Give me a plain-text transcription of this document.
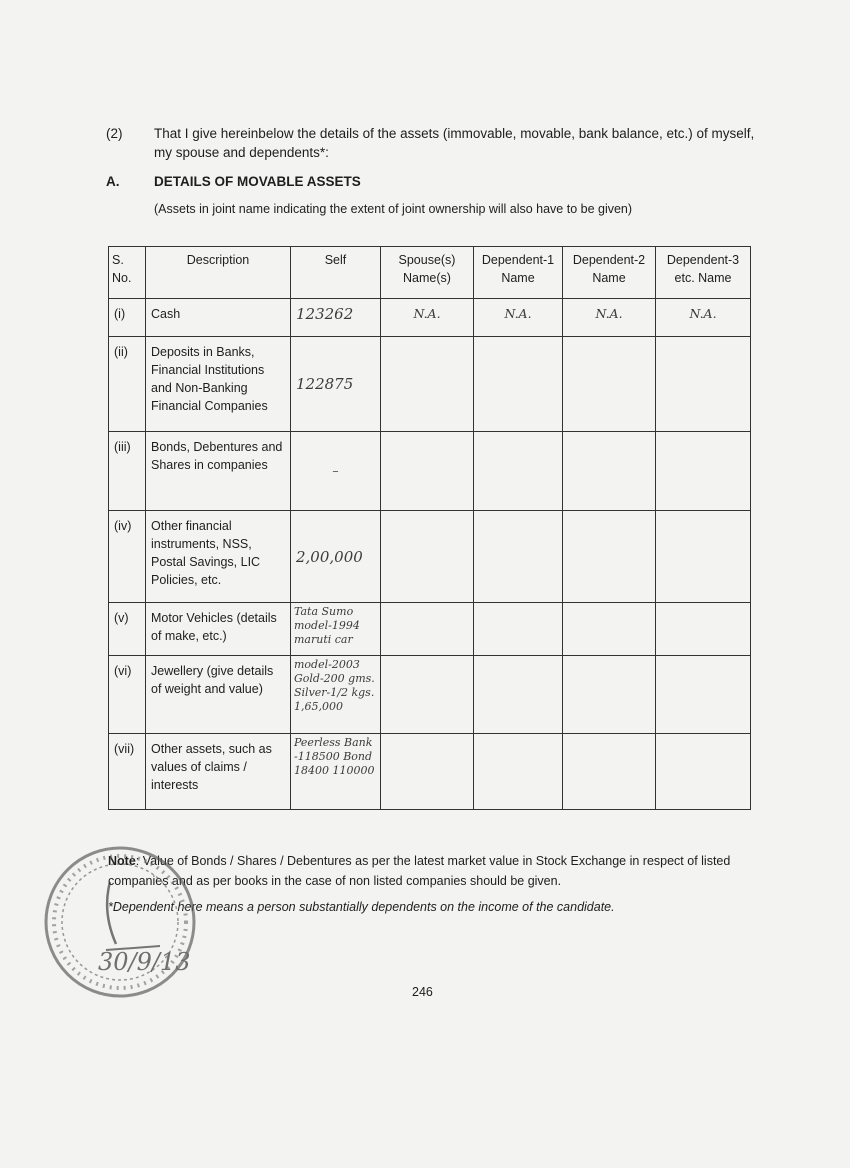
(2) That I give hereinbelow the details of the assets (immovable, movable, bank balance, etc.) of myself, my spouse and dependents*:
A.	DETAILS OF MOVABLE ASSETS
(Assets in joint name indicating the extent of joint ownership will also have to be given)
S. No.	Description	Self	Spouse(s) Name(s)	Dependent-1 Name	Dependent-2 Name	Dependent-3 etc. Name
(i)	Cash	123262	N.A.	N.A.	N.A.	N.A.
(ii)	Deposits in Banks, Financial Institutions and Non-Banking Financial Companies	122875				
(iii)	Bonds, Debentures and Shares in companies	–				
(iv)	Other financial instruments, NSS, Postal Savings, LIC Policies, etc.	2,00,000				
(v)	Motor Vehicles (details of make, etc.)	Tata Sumo model-1994 maruti car				
(vi)	Jewellery (give details of weight and value)	model-2003 Gold-200 gms. Silver-1/2 kgs. 1,65,000				
(vii)	Other assets, such as values of claims / interests	Peerless Bank -118500 Bond 18400 110000				
Note: Value of Bonds / Shares / Debentures as per the latest market value in Stock Exchange in respect of listed companies and as per books in the case of non listed companies should be given.
*Dependent here means a person substantially dependents on the income of the candidate.
246
30/9/13
